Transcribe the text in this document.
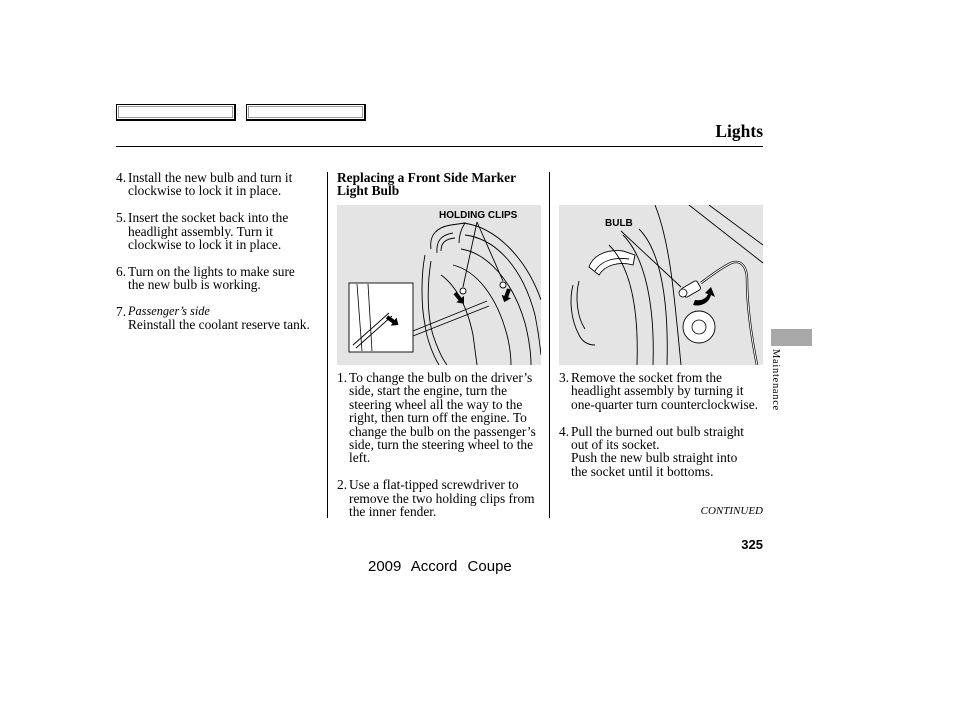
Lights
4. Install the new bulb and turn it
clockwise to lock it in place.
5. Insert the socket back into the
headlight assembly. Turn it
clockwise to lock it in place.
6. Turn on the lights to make sure
the new bulb is working.
7. Passenger’s side
Reinstall the coolant reserve tank.
Replacing a Front Side Marker
Light Bulb
HOLDING CLIPS
1. To change the bulb on the driver’s
side, start the engine, turn the
steering wheel all the way to the
right, then turn off the engine. To
change the bulb on the passenger’s
side, turn the steering wheel to the
left.
2. Use a flat-tipped screwdriver to
remove the two holding clips from
the inner fender.
BULB
3. Remove the socket from the
headlight assembly by turning it
one-quarter turn counterclockwise.
4. Pull the burned out bulb straight
out of its socket.
Push the new bulb straight into
the socket until it bottoms.
CONTINUED
Maintenance
325
2009 Accord Coupe
